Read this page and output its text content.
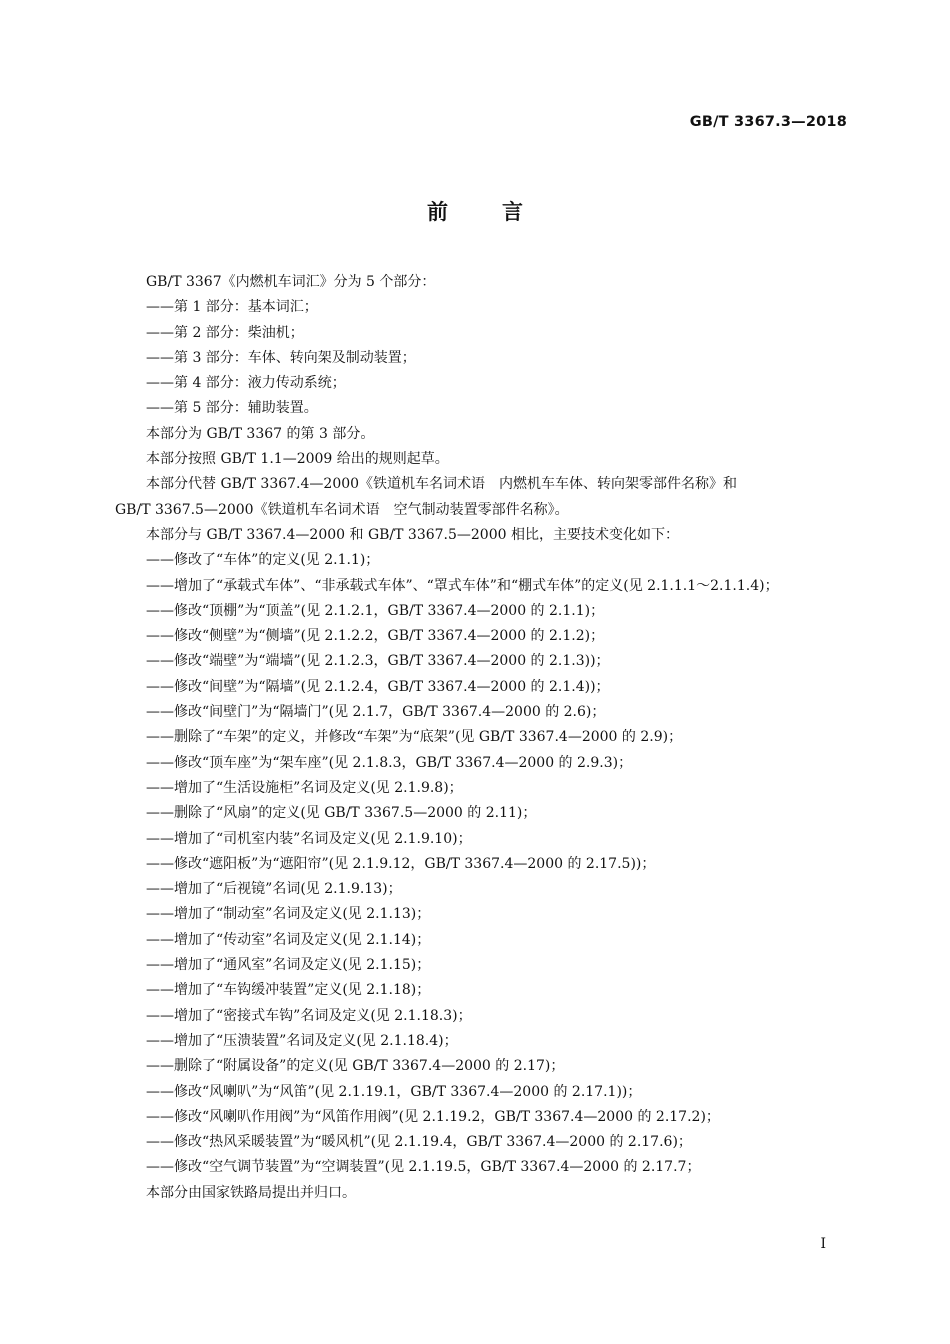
GB/T 3367.3—2018
前言
GB/T 3367《内燃机车词汇》分为 5 个部分：
——第 1 部分：基本词汇；
——第 2 部分：柴油机；
——第 3 部分：车体、转向架及制动装置；
——第 4 部分：液力传动系统；
——第 5 部分：辅助装置。
本部分为 GB/T 3367 的第 3 部分。
本部分按照 GB/T 1.1—2009 给出的规则起草。
本部分代替 GB/T 3367.4—2000《铁道机车名词术语　内燃机车车体、转向架零部件名称》和
GB/T 3367.5—2000《铁道机车名词术语　空气制动装置零部件名称》。
本部分与 GB/T 3367.4—2000 和 GB/T 3367.5—2000 相比，主要技术变化如下：
——修改了“车体”的定义(见 2.1.1)；
——增加了“承载式车体”、“非承载式车体”、“罩式车体”和“棚式车体”的定义(见 2.1.1.1～2.1.1.4)；
——修改“顶棚”为“顶盖”(见 2.1.2.1，GB/T 3367.4—2000 的 2.1.1)；
——修改“侧壁”为“侧墙”(见 2.1.2.2，GB/T 3367.4—2000 的 2.1.2)；
——修改“端壁”为“端墙”(见 2.1.2.3，GB/T 3367.4—2000 的 2.1.3))；
——修改“间壁”为“隔墙”(见 2.1.2.4，GB/T 3367.4—2000 的 2.1.4))；
——修改“间壁门”为“隔墙门”(见 2.1.7，GB/T 3367.4—2000 的 2.6)；
——删除了“车架”的定义，并修改“车架”为“底架”(见 GB/T 3367.4—2000 的 2.9)；
——修改“顶车座”为“架车座”(见 2.1.8.3，GB/T 3367.4—2000 的 2.9.3)；
——增加了“生活设施柜”名词及定义(见 2.1.9.8)；
——删除了“风扇”的定义(见 GB/T 3367.5—2000 的 2.11)；
——增加了“司机室内装”名词及定义(见 2.1.9.10)；
——修改“遮阳板”为“遮阳帘”(见 2.1.9.12，GB/T 3367.4—2000 的 2.17.5))；
——增加了“后视镜”名词(见 2.1.9.13)；
——增加了“制动室”名词及定义(见 2.1.13)；
——增加了“传动室”名词及定义(见 2.1.14)；
——增加了“通风室”名词及定义(见 2.1.15)；
——增加了“车钩缓冲装置”定义(见 2.1.18)；
——增加了“密接式车钩”名词及定义(见 2.1.18.3)；
——增加了“压溃装置”名词及定义(见 2.1.18.4)；
——删除了“附属设备”的定义(见 GB/T 3367.4—2000 的 2.17)；
——修改“风喇叭”为“风笛”(见 2.1.19.1，GB/T 3367.4—2000 的 2.17.1))；
——修改“风喇叭作用阀”为“风笛作用阀”(见 2.1.19.2，GB/T 3367.4—2000 的 2.17.2)；
——修改“热风采暖装置”为“暖风机”(见 2.1.19.4，GB/T 3367.4—2000 的 2.17.6)；
——修改“空气调节装置”为“空调装置”(见 2.1.19.5，GB/T 3367.4—2000 的 2.17.7；
本部分由国家铁路局提出并归口。
I
